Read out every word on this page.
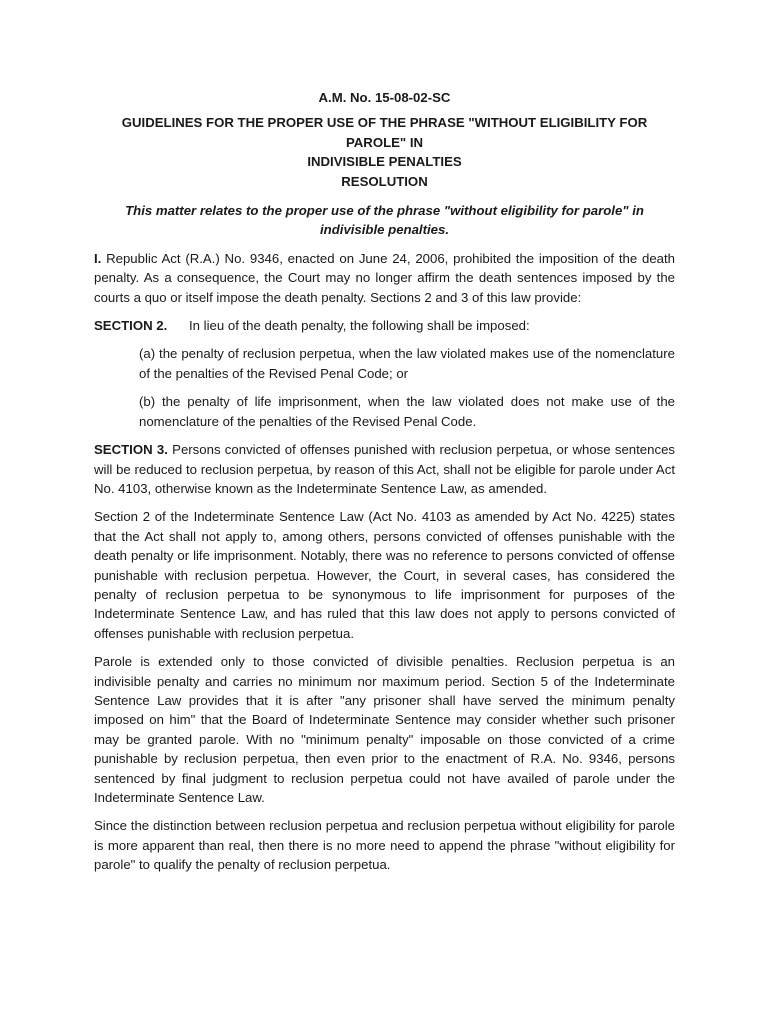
A.M. No. 15-08-02-SC
GUIDELINES FOR THE PROPER USE OF THE PHRASE "WITHOUT ELIGIBILITY FOR PAROLE" IN
INDIVISIBLE PENALTIES
RESOLUTION
This matter relates to the proper use of the phrase "without eligibility for parole" in indivisible penalties.

I. Republic Act (R.A.) No. 9346, enacted on June 24, 2006, prohibited the imposition of the death penalty. As a consequence, the Court may no longer affirm the death sentences imposed by the courts a quo or itself impose the death penalty. Sections 2 and 3 of this law provide:

SECTION 2. In lieu of the death penalty, the following shall be imposed:

(a) the penalty of reclusion perpetua, when the law violated makes use of the nomenclature of the penalties of the Revised Penal Code; or

(b) the penalty of life imprisonment, when the law violated does not make use of the nomenclature of the penalties of the Revised Penal Code.

SECTION 3. Persons convicted of offenses punished with reclusion perpetua, or whose sentences will be reduced to reclusion perpetua, by reason of this Act, shall not be eligible for parole under Act No. 4103, otherwise known as the Indeterminate Sentence Law, as amended.

Section 2 of the Indeterminate Sentence Law (Act No. 4103 as amended by Act No. 4225) states that the Act shall not apply to, among others, persons convicted of offenses punishable with the death penalty or life imprisonment. Notably, there was no reference to persons convicted of offense punishable with reclusion perpetua. However, the Court, in several cases, has considered the penalty of reclusion perpetua to be synonymous to life imprisonment for purposes of the Indeterminate Sentence Law, and has ruled that this law does not apply to persons convicted of offenses punishable with reclusion perpetua.

Parole is extended only to those convicted of divisible penalties. Reclusion perpetua is an indivisible penalty and carries no minimum nor maximum period. Section 5 of the Indeterminate Sentence Law provides that it is after "any prisoner shall have served the minimum penalty imposed on him" that the Board of Indeterminate Sentence may consider whether such prisoner may be granted parole. With no "minimum penalty" imposable on those convicted of a crime punishable by reclusion perpetua, then even prior to the enactment of R.A. No. 9346, persons sentenced by final judgment to reclusion perpetua could not have availed of parole under the Indeterminate Sentence Law.

Since the distinction between reclusion perpetua and reclusion perpetua without eligibility for parole is more apparent than real, then there is no more need to append the phrase "without eligibility for parole" to qualify the penalty of reclusion perpetua.
